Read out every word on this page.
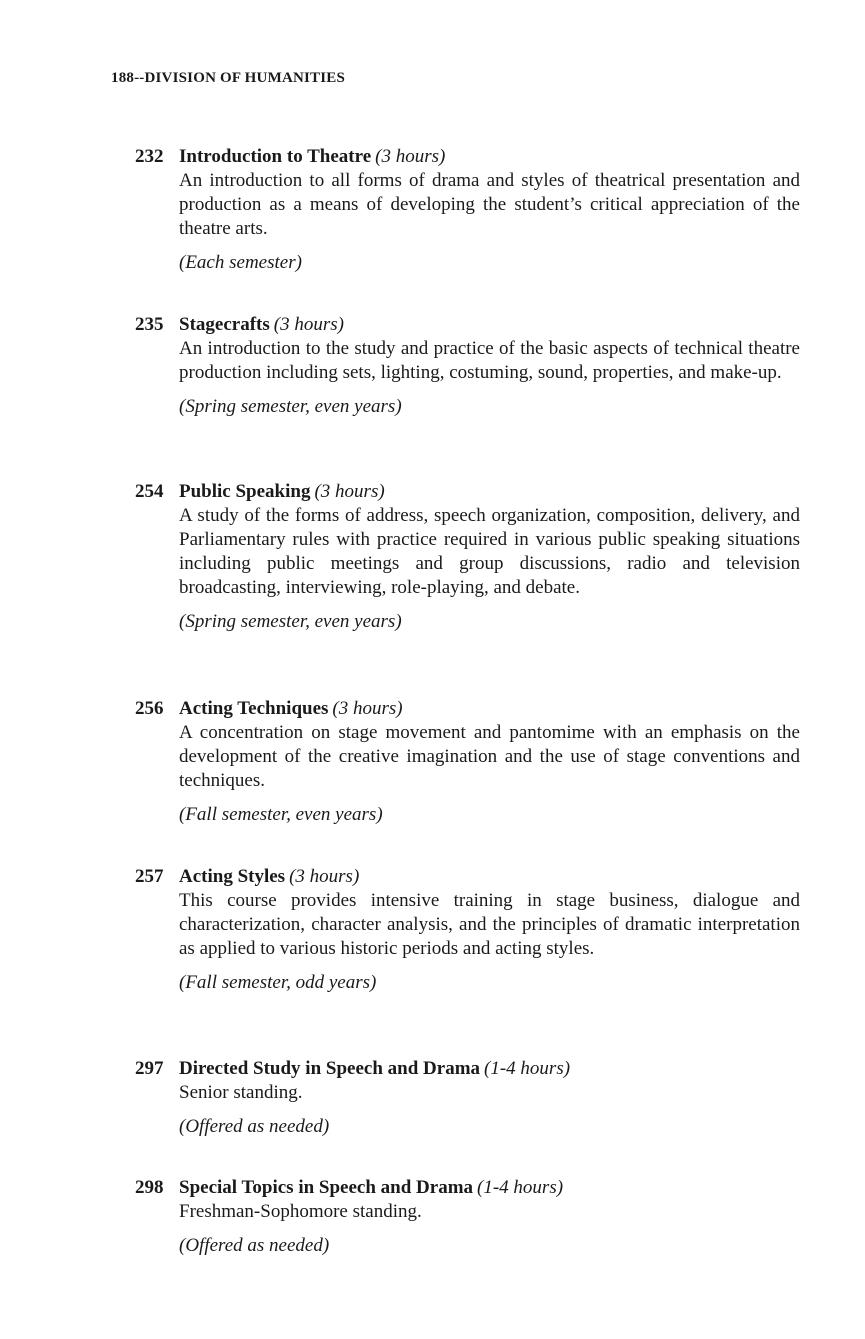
188--DIVISION OF HUMANITIES

232 Introduction to Theatre (3 hours)

An introduction to all forms of drama and styles of theatrical presentation and production as a means of developing the student’s critical appreciation of the theatre arts.

(Each semester)

235 Stagecrafts (3 hours)

An introduction to the study and practice of the basic aspects of technical theatre production including sets, lighting, costuming, sound, properties, and make-up.

(Spring semester, even years)

254 Public Speaking (3 hours)

A study of the forms of address, speech organization, composition, delivery, and Parliamentary rules with practice required in various public speaking situations including public meetings and group discussions, radio and television broadcasting, interviewing, role-playing, and debate.

(Spring semester, even years)

256 Acting Techniques (3 hours)

A concentration on stage movement and pantomime with an emphasis on the development of the creative imagination and the use of stage conventions and techniques.

(Fall semester, even years)

257 Acting Styles (3 hours)

This course provides intensive training in stage business, dialogue and characterization, character analysis, and the principles of dramatic interpretation as applied to various historic periods and acting styles.

(Fall semester, odd years)

297 Directed Study in Speech and Drama (1-4 hours)

Senior standing.

(Offered as needed)

298 Special Topics in Speech and Drama (1-4 hours)

Freshman-Sophomore standing.

(Offered as needed)
